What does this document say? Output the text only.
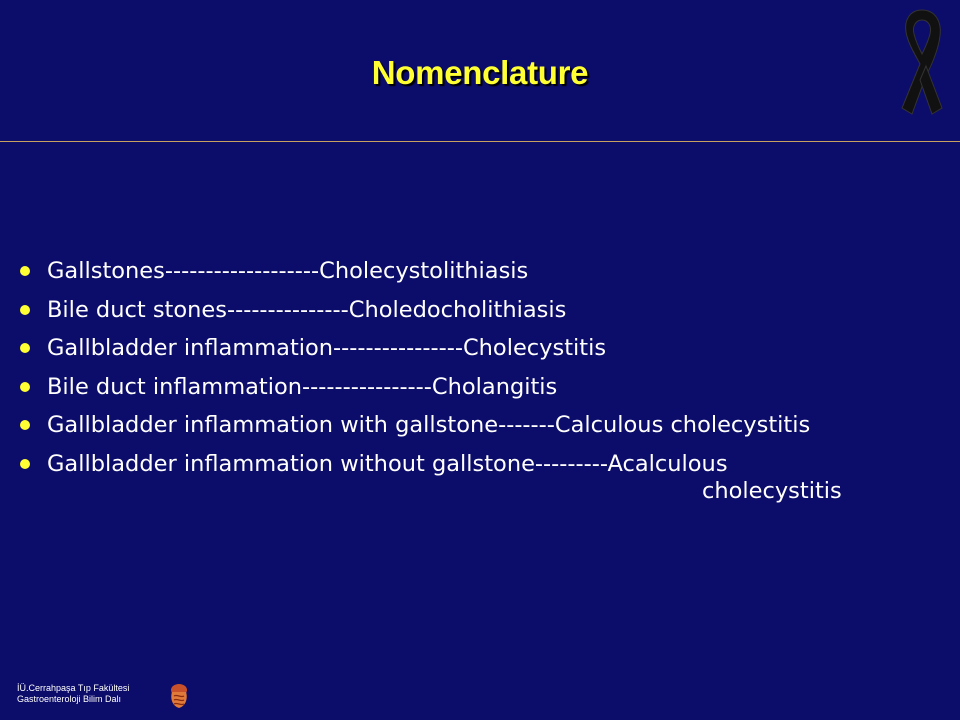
Nomenclature
Gallstones-------------------Cholecystolithiasis
Bile duct stones---------------Choledocholithiasis
Gallbladder inflammation----------------Cholecystitis
Bile duct inflammation----------------Cholangitis
Gallbladder inflammation with gallstone-------Calculous cholecystitis
Gallbladder inflammation without gallstone---------Acalculous
cholecystitis
İÜ.Cerrahpaşa Tıp Fakültesi
Gastroenteroloji Bilim Dalı
